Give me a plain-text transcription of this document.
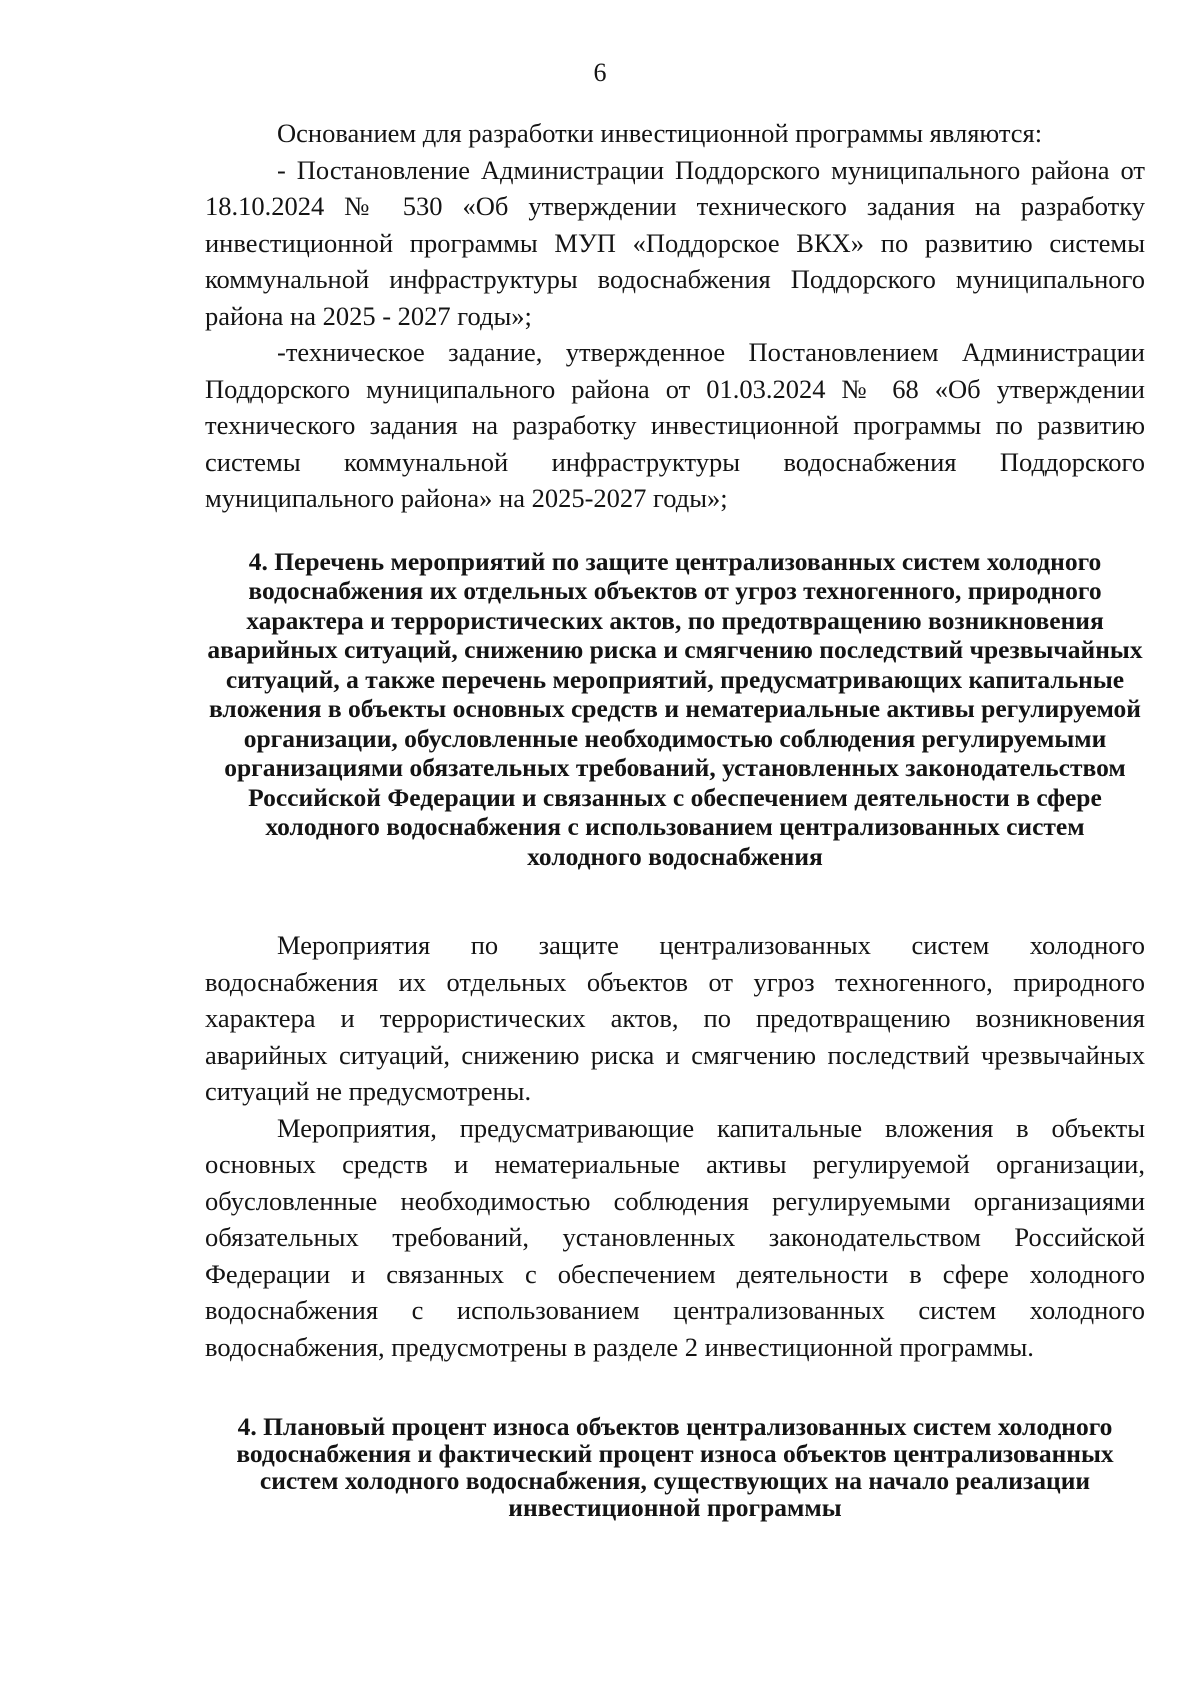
6

Основанием для разработки инвестиционной программы являются:

- Постановление Администрации Поддорского муниципального района от 18.10.2024 № 530 «Об утверждении технического задания на разработку инвестиционной программы МУП «Поддорское ВКХ» по развитию системы коммунальной инфраструктуры водоснабжения Поддорского муниципального района на 2025 - 2027 годы»;

-техническое задание, утвержденное Постановлением Администрации Поддорского муниципального района от 01.03.2024 № 68 «Об утверждении технического задания на разработку инвестиционной программы по развитию системы коммунальной инфраструктуры водоснабжения Поддорского муниципального района» на 2025-2027 годы»;

4. Перечень мероприятий по защите централизованных систем холодного водоснабжения их отдельных объектов от угроз техногенного, природного характера и террористических актов, по предотвращению возникновения аварийных ситуаций, снижению риска и смягчению последствий чрезвычайных ситуаций, а также перечень мероприятий, предусматривающих капитальные вложения в объекты основных средств и нематериальные активы регулируемой организации, обусловленные необходимостью соблюдения регулируемыми организациями обязательных требований, установленных законодательством Российской Федерации и связанных с обеспечением деятельности в сфере холодного водоснабжения с использованием централизованных систем холодного водоснабжения

Мероприятия по защите централизованных систем холодного водоснабжения их отдельных объектов от угроз техногенного, природного характера и террористических актов, по предотвращению возникновения аварийных ситуаций, снижению риска и смягчению последствий чрезвычайных ситуаций не предусмотрены.

Мероприятия, предусматривающие капитальные вложения в объекты основных средств и нематериальные активы регулируемой организации, обусловленные необходимостью соблюдения регулируемыми организациями обязательных требований, установленных законодательством Российской Федерации и связанных с обеспечением деятельности в сфере холодного водоснабжения с использованием централизованных систем холодного водоснабжения, предусмотрены в разделе 2 инвестиционной программы.

4. Плановый процент износа объектов централизованных систем холодного водоснабжения и фактический процент износа объектов централизованных систем холодного водоснабжения, существующих на начало реализации инвестиционной программы
